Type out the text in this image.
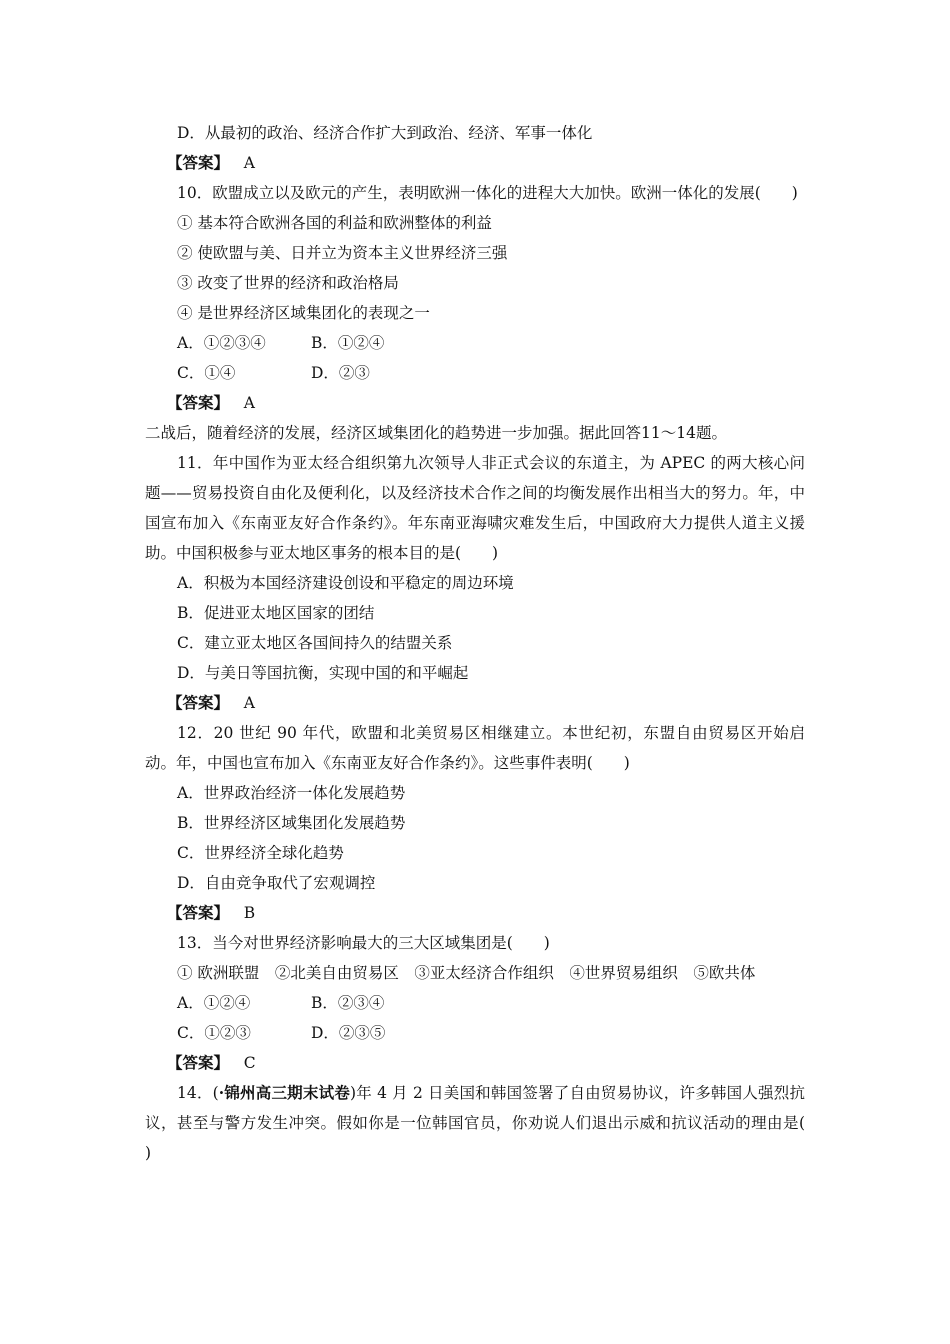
D．从最初的政治、经济合作扩大到政治、经济、军事一体化
【答案】 A
10．欧盟成立以及欧元的产生，表明欧洲一体化的进程大大加快。欧洲一体化的发展(　　)
① 基本符合欧洲各国的利益和欧洲整体的利益
② 使欧盟与美、日并立为资本主义世界经济三强
③ 改变了世界的经济和政治格局
④ 是世界经济区域集团化的表现之一
A．①②③④	B．①②④
C．①④	D．②③
【答案】 A
二战后，随着经济的发展，经济区域集团化的趋势进一步加强。据此回答11～14题。
11．年中国作为亚太经合组织第九次领导人非正式会议的东道主，为 APEC 的两大核心问题——贸易投资自由化及便利化，以及经济技术合作之间的均衡发展作出相当大的努力。年，中国宣布加入《东南亚友好合作条约》。年东南亚海啸灾难发生后，中国政府大力提供人道主义援助。中国积极参与亚太地区事务的根本目的是(　　)
A．积极为本国经济建设创设和平稳定的周边环境
B．促进亚太地区国家的团结
C．建立亚太地区各国间持久的结盟关系
D．与美日等国抗衡，实现中国的和平崛起
【答案】 A
12．20 世纪 90 年代，欧盟和北美贸易区相继建立。本世纪初，东盟自由贸易区开始启动。年，中国也宣布加入《东南亚友好合作条约》。这些事件表明(　　)
A．世界政治经济一体化发展趋势
B．世界经济区域集团化发展趋势
C．世界经济全球化趋势
D．自由竞争取代了宏观调控
【答案】 B
13．当今对世界经济影响最大的三大区域集团是(　　)
① 欧洲联盟　②北美自由贸易区　③亚太经济合作组织　④世界贸易组织　⑤欧共体
A．①②④	B．②③④
C．①②③	D．②③⑤
【答案】 C
14．(·锦州高三期末试卷)年 4 月 2 日美国和韩国签署了自由贸易协议，许多韩国人强烈抗议，甚至与警方发生冲突。假如你是一位韩国官员，你劝说人们退出示威和抗议活动的理由是(　　)
